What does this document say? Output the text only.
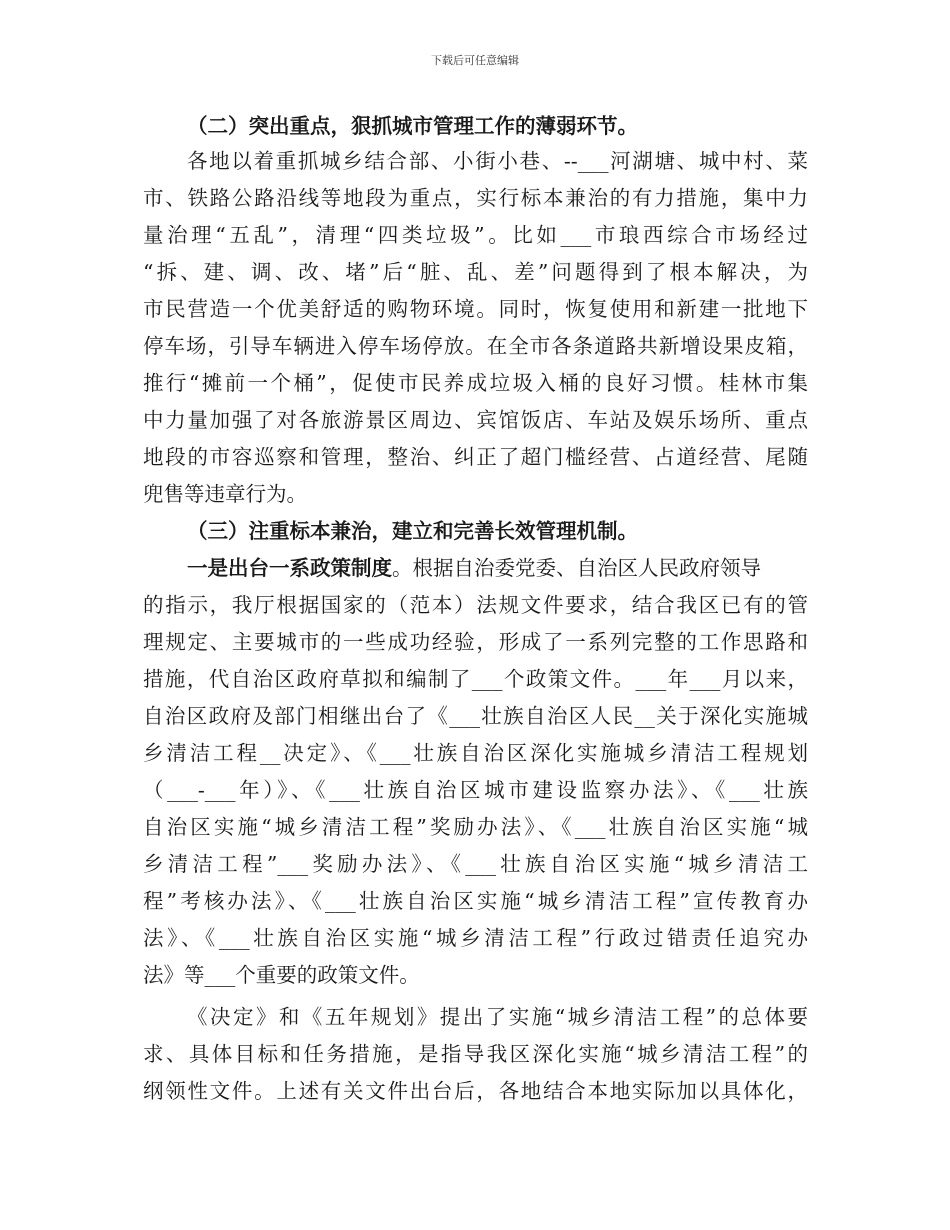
下载后可任意编辑
（二）突出重点，狠抓城市管理工作的薄弱环节。
各地以着重抓城乡结合部、小街小巷、--___河湖塘、城中村、菜
市、铁路公路沿线等地段为重点，实行标本兼治的有力措施，集中力
量治理“五乱”，清理“四类垃圾”。比如___市琅西综合市场经过
“拆、建、调、改、堵”后“脏、乱、差”问题得到了根本解决，为
市民营造一个优美舒适的购物环境。同时，恢复使用和新建一批地下
停车场，引导车辆进入停车场停放。在全市各条道路共新增设果皮箱，
推行“摊前一个桶”，促使市民养成垃圾入桶的良好习惯。桂林市集
中力量加强了对各旅游景区周边、宾馆饭店、车站及娱乐场所、重点
地段的市容巡察和管理，整治、纠正了超门槛经营、占道经营、尾随
兜售等违章行为。
（三）注重标本兼治，建立和完善长效管理机制。
一是出台一系政策制度。根据自治委党委、自治区人民政府领导
的指示，我厅根据国家的（范本）法规文件要求，结合我区已有的管
理规定、主要城市的一些成功经验，形成了一系列完整的工作思路和
措施，代自治区政府草拟和编制了___个政策文件。___年___月以来，
自治区政府及部门相继出台了《___壮族自治区人民__关于深化实施城
乡清洁工程__决定》、《___壮族自治区深化实施城乡清洁工程规划
（___-___年）》、《___壮族自治区城市建设监察办法》、《___壮族
自治区实施“城乡清洁工程”奖励办法》、《___壮族自治区实施“城
乡清洁工程”___奖励办法》、《___壮族自治区实施“城乡清洁工
程”考核办法》、《___壮族自治区实施“城乡清洁工程”宣传教育办
法》、《___壮族自治区实施“城乡清洁工程”行政过错责任追究办
法》等___个重要的政策文件。
《决定》和《五年规划》提出了实施“城乡清洁工程”的总体要
求、具体目标和任务措施，是指导我区深化实施“城乡清洁工程”的
纲领性文件。上述有关文件出台后，各地结合本地实际加以具体化，
